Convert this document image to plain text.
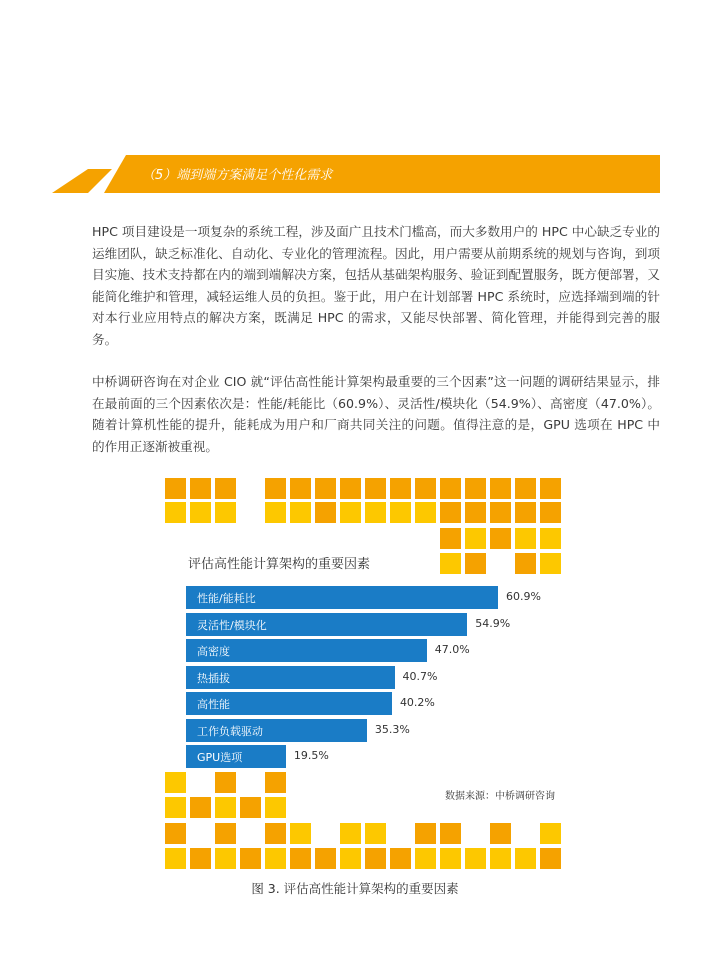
（5）端到端方案满足个性化需求

HPC 项目建设是一项复杂的系统工程，涉及面广且技术门槛高，而大多数用户的 HPC 中心缺乏专业的运维团队，缺乏标准化、自动化、专业化的管理流程。因此，用户需要从前期系统的规划与咨询，到项目实施、技术支持都在内的端到端解决方案，包括从基础架构服务、验证到配置服务，既方便部署，又能简化维护和管理，减轻运维人员的负担。鉴于此，用户在计划部署 HPC 系统时，应选择端到端的针对本行业应用特点的解决方案，既满足 HPC 的需求，又能尽快部署、简化管理，并能得到完善的服务。

中桥调研咨询在对企业 CIO 就“评估高性能计算架构最重要的三个因素”这一问题的调研结果显示，排在最前面的三个因素依次是：性能/耗能比（60.9%）、灵活性/模块化（54.9%）、高密度（47.0%）。随着计算机性能的提升，能耗成为用户和厂商共同关注的问题。值得注意的是，GPU 选项在 HPC 中的作用正逐渐被重视。

评估高性能计算架构的重要因素
性能/能耗比	60.9%
灵活性/模块化	54.9%
高密度	47.0%
热插拔	40.7%
高性能	40.2%
工作负载驱动	35.3%
GPU选项	19.5%
数据来源：中桥调研咨询
图 3. 评估高性能计算架构的重要因素
